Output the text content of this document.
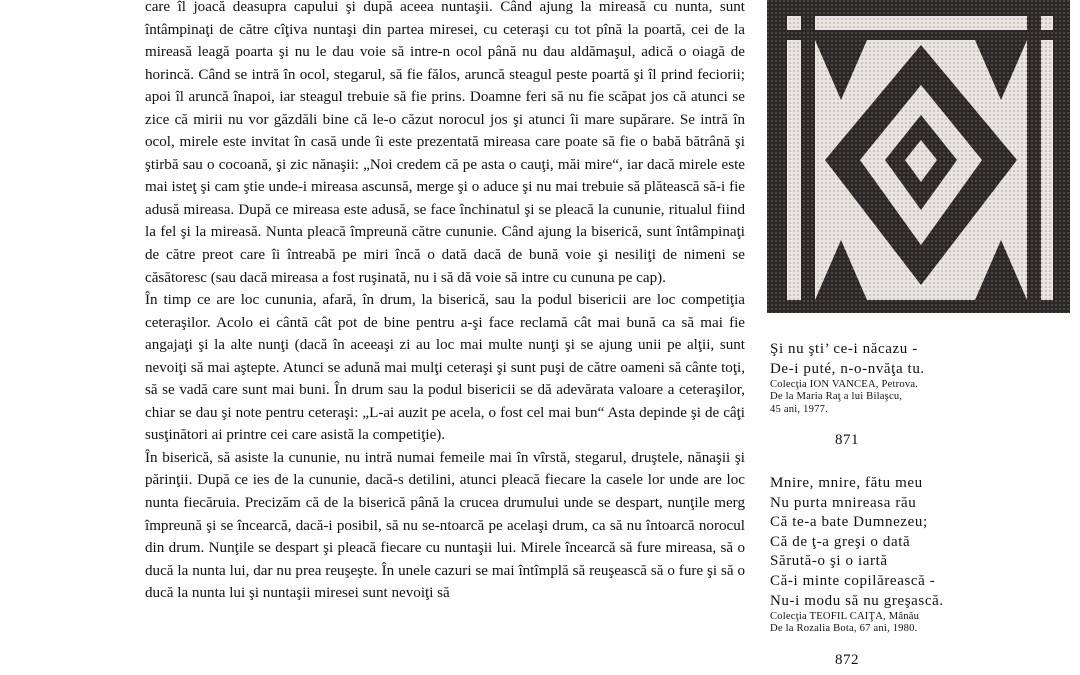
care îl joacă deasupra capului şi după aceea nuntaşii. Când ajung la mireasă cu nunta, sunt întâmpinaţi de către cîţiva nuntaşi din partea miresei, cu ceteraşi cu tot pînă la poartă, cei de la mireasă leagă poarta şi nu le dau voie să intre-n ocol până nu dau aldămaşul, adică o oiagă de horincă. Când se intră în ocol, stegarul, să fie fălos, aruncă steagul peste poartă şi îl prind feciorii; apoi îl aruncă înapoi, iar steagul trebuie să fie prins. Doamne feri să nu fie scăpat jos că atunci se zice că mirii nu vor găzdăli bine că le-o căzut norocul jos şi atunci îi mare supărare. Se intră în ocol, mirele este invitat în casă unde îi este prezentată mireasa care poate să fie o babă bătrână şi ştirbă sau o cocoană, şi zic nănaşii: „Noi credem că pe asta o cauţi, măi mire“, iar dacă mirele este mai isteţ şi cam ştie unde-i mireasa ascunsă, merge şi o aduce şi nu mai trebuie să plătească să-i fie adusă mireasa. După ce mireasa este adusă, se face închinatul şi se pleacă la cununie, ritualul fiind la fel şi la mireasă. Nunta pleacă împreună către cununie. Când ajung la biserică, sunt întâmpinaţi de către preot care îi întreabă pe miri încă o dată dacă de bună voie şi nesiliţi de nimeni se căsătoresc (sau dacă mireasa a fost ruşinată, nu i să dă voie să intre cu cununa pe cap).

În timp ce are loc cununia, afară, în drum, la biserică, sau la podul bisericii are loc competiţia ceteraşilor. Acolo ei cântă cât pot de bine pentru a-şi face reclamă cât mai bună ca să mai fie angajaţi şi la alte nunţi (dacă în aceeaşi zi au loc mai multe nunţi şi se ajung unii pe alţii, sunt nevoiţi să mai aştepte. Atunci se adună mai mulţi ceteraşi şi sunt puşi de către oameni să cânte toţi, să se vadă care sunt mai buni. În drum sau la podul bisericii se dă adevărata valoare a ceteraşilor, chiar se dau şi note pentru ceteraşi: „L-ai auzit pe acela, o fost cel mai bun“ Asta depinde şi de câţi susţinători ai printre cei care asistă la competiţie).

În biserică, să asiste la cununie, nu intră numai femeile mai în vîrstă, stegarul, druştele, nănaşii şi părinţii. După ce ies de la cununie, dacă-s detilini, atunci pleacă fiecare la casele lor unde are loc nunta fiecăruia. Precizăm că de la biserică până la crucea drumului unde se despart, nunţile merg împreună şi se încearcă, dacă-i posibil, să nu se-ntoarcă pe acelaşi drum, ca să nu întoarcă norocul din drum. Nunţile se despart şi pleacă fiecare cu nuntaşii lui. Mirele încearcă să fure mireasa, să o ducă la nunta lui, dar nu prea reuşeşte. În unele cazuri se mai întîmplă să reuşească să o fure şi să o ducă la nunta lui şi nuntaşii miresei sunt nevoiţi să

Şi nu şti’ ce-i năcazu -
De-i puté, n-o-nvăţa tu.
Colecţia ION VANCEA, Petrova.
De la Maria Raţ a lui Bilaşcu,
45 ani, 1977.
871
Mnire, mnire, fătu meu
Nu purta mnireasa rău
Că te-a bate Dumnezeu;
Că de ţ-a greşi o dată
Sărută-o şi o iartă
Că-i minte copilărească -
Nu-i modu să nu greşască.
Colecţia TEOFIL CAIŢA, Mânău
De la Rozalia Bota, 67 ani, 1980.
872
